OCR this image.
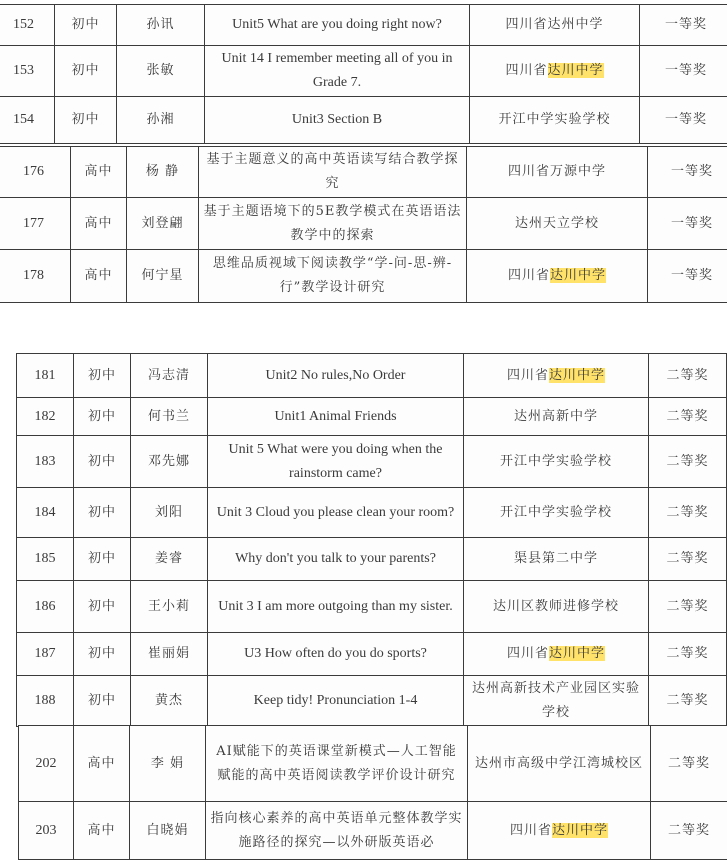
152	初中	孙讯	Unit5 What are you doing right now?	四川省达州中学	一等奖
153	初中	张敏	Unit 14 I remember meeting all of you in Grade 7.	四川省达川中学	一等奖
154	初中	孙湘	Unit3 Section B	开江中学实验学校	一等奖
176	高中	杨 静	基于主题意义的高中英语读写结合教学探究	四川省万源中学	一等奖
177	高中	刘登翩	基于主题语境下的5E教学模式在英语语法教学中的探索	达州天立学校	一等奖
178	高中	何宁星	思维品质视域下阅读教学“学-问-思-辨-行”教学设计研究	四川省达川中学	一等奖
181	初中	冯志清	Unit2 No rules,No Order	四川省达川中学	二等奖
182	初中	何书兰	Unit1 Animal Friends	达州高新中学	二等奖
183	初中	邓先娜	Unit 5 What were you doing when the rainstorm came?	开江中学实验学校	二等奖
184	初中	刘阳	Unit 3 Cloud you please clean your room?	开江中学实验学校	二等奖
185	初中	姜睿	Why don't you talk to your parents?	渠县第二中学	二等奖
186	初中	王小莉	Unit 3 I am more outgoing than my sister.	达川区教师进修学校	二等奖
187	初中	崔丽娟	U3 How often do you do sports?	四川省达川中学	二等奖
188	初中	黄杰	Keep tidy! Pronunciation 1-4	达州高新技术产业园区实验学校	二等奖
202	高中	李 娟	AI赋能下的英语课堂新模式—人工智能赋能的高中英语阅读教学评价设计研究	达州市高级中学江湾城校区	二等奖
203	高中	白晓娟	指向核心素养的高中英语单元整体教学实施路径的探究—以外研版英语必	四川省达川中学	二等奖
